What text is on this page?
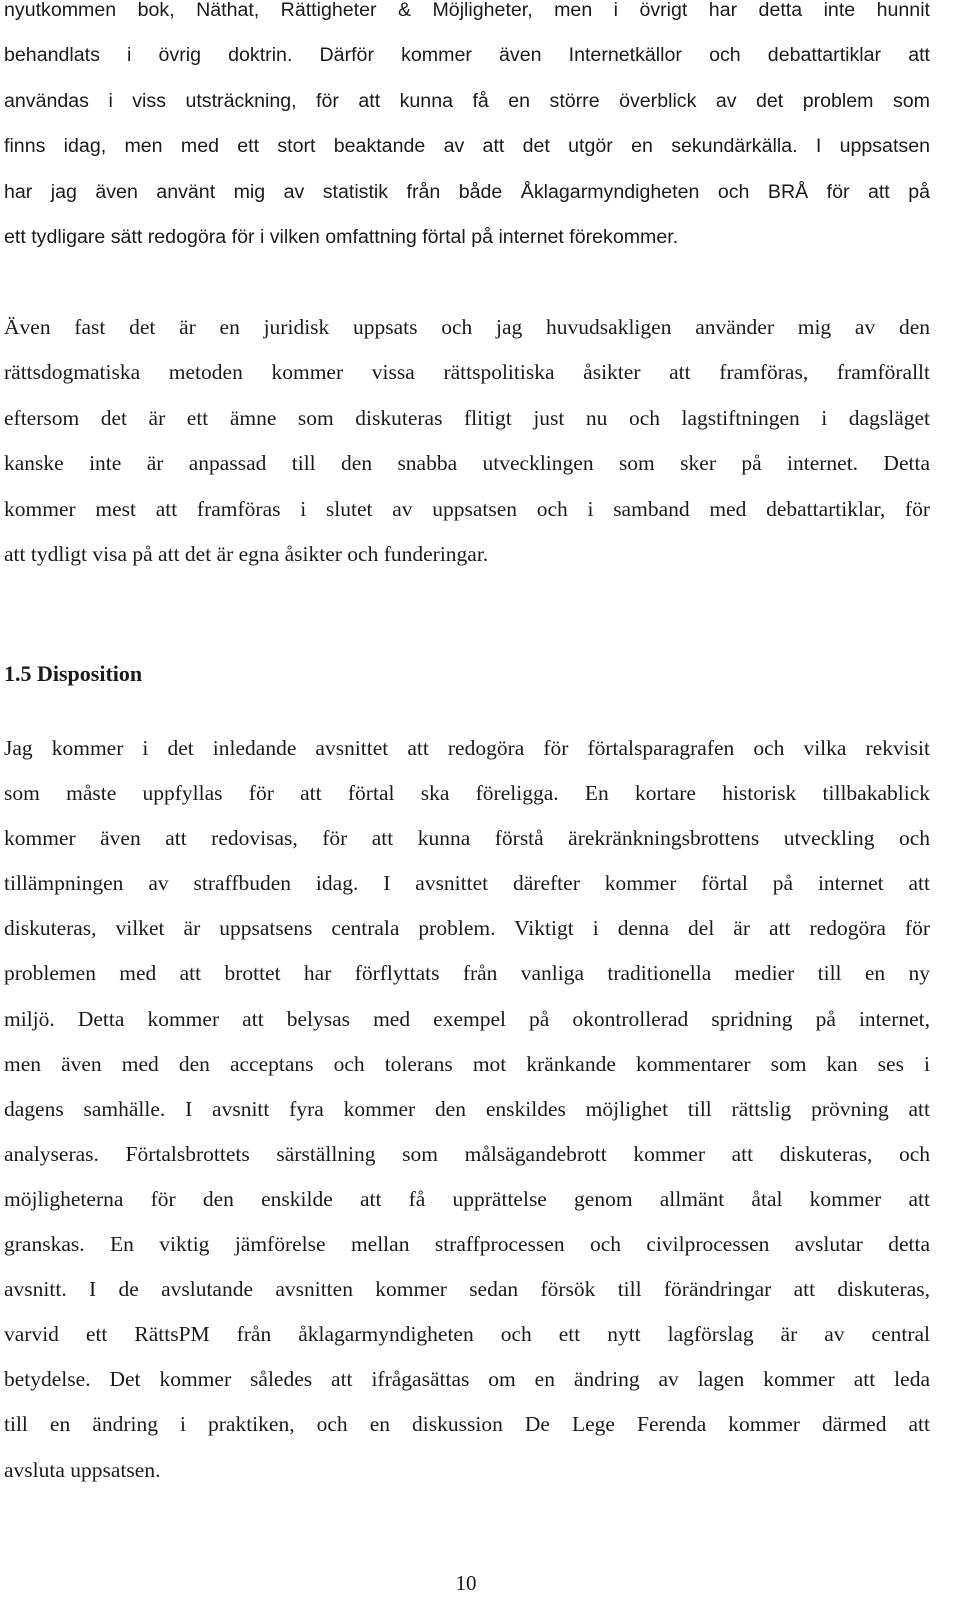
nyutkommen bok, Näthat, Rättigheter & Möjligheter, men i övrigt har detta inte hunnit
behandlats i övrig doktrin. Därför kommer även Internetkällor och debattartiklar att
användas i viss utsträckning, för att kunna få en större överblick av det problem som
finns idag, men med ett stort beaktande av att det utgör en sekundärkälla. I uppsatsen
har jag även använt mig av statistik från både Åklagarmyndigheten och BRÅ för att på
ett tydligare sätt redogöra för i vilken omfattning förtal på internet förekommer.
Även fast det är en juridisk uppsats och jag huvudsakligen använder mig av den
rättsdogmatiska metoden kommer vissa rättspolitiska åsikter att framföras, framförallt
eftersom det är ett ämne som diskuteras flitigt just nu och lagstiftningen i dagsläget
kanske inte är anpassad till den snabba utvecklingen som sker på internet. Detta
kommer mest att framföras i slutet av uppsatsen och i samband med debattartiklar, för
att tydligt visa på att det är egna åsikter och funderingar.
1.5 Disposition
Jag kommer i det inledande avsnittet att redogöra för förtalsparagrafen och vilka rekvisit
som måste uppfyllas för att förtal ska föreligga. En kortare historisk tillbakablick
kommer även att redovisas, för att kunna förstå ärekränkningsbrottens utveckling och
tillämpningen av straffbuden idag. I avsnittet därefter kommer förtal på internet att
diskuteras, vilket är uppsatsens centrala problem. Viktigt i denna del är att redogöra för
problemen med att brottet har förflyttats från vanliga traditionella medier till en ny
miljö. Detta kommer att belysas med exempel på okontrollerad spridning på internet,
men även med den acceptans och tolerans mot kränkande kommentarer som kan ses i
dagens samhälle. I avsnitt fyra kommer den enskildes möjlighet till rättslig prövning att
analyseras. Förtalsbrottets särställning som målsägandebrott kommer att diskuteras, och
möjligheterna för den enskilde att få upprättelse genom allmänt åtal kommer att
granskas. En viktig jämförelse mellan straffprocessen och civilprocessen avslutar detta
avsnitt. I de avslutande avsnitten kommer sedan försök till förändringar att diskuteras,
varvid ett RättsPM från åklagarmyndigheten och ett nytt lagförslag är av central
betydelse. Det kommer således att ifrågasättas om en ändring av lagen kommer att leda
till en ändring i praktiken, och en diskussion De Lege Ferenda kommer därmed att
avsluta uppsatsen.
10
